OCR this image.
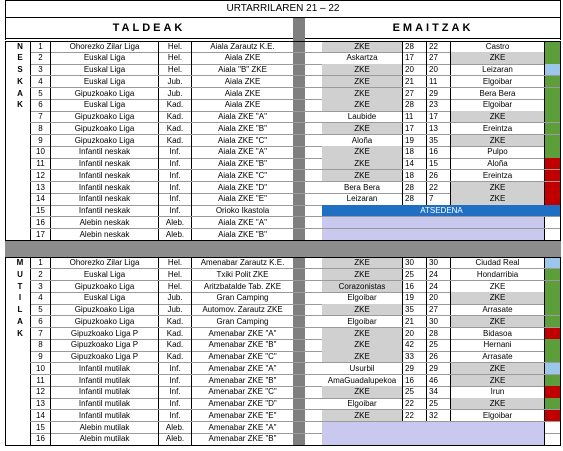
URTARRILAREN 21 – 22
TALDEAK	EMAITZAK
1	Ohorezko Zilar Liga	Hel.	Aiala Zarautz K.E.	ZKE	28	22	Castro
2	Euskal Liga	Hel.	Aiala ZKE	Askartza	17	27	ZKE
3	Euskal Liga	Hel.	Aiala "B" ZKE	ZKE	20	20	Leizaran
4	Euskal Liga	Jub.	Aiala ZKE	ZKE	21	11	Elgoibar
5	Gipuzkoako Liga	Jub.	Aiala ZKE	ZKE	27	29	Bera Bera
6	Euskal Liga	Kad.	Aiala ZKE	ZKE	28	23	Elgoibar
7	Gipuzkoako Liga	Kad.	Aiala ZKE "A"	Laubide	11	17	ZKE
8	Gipuzkoako Liga	Kad.	Aiala ZKE "B"	ZKE	17	13	Ereintza
9	Gipuzkoako Liga	Kad.	Aiala ZKE "C"	Aloña	19	35	ZKE
10	Infantil neskak	Inf.	Aiala ZKE "A"	ZKE	18	16	Pulpo
11	Infantil neskak	Inf.	Aiala ZKE "B"	ZKE	14	15	Aloña
12	Infantil neskak	Inf.	Aiala ZKE "C"	ZKE	18	26	Ereintza
13	Infantil neskak	Inf.	Aiala ZKE "D"	Bera Bera	28	22	ZKE
14	Infantil neskak	Inf.	Aiala ZKE "E"	Leizaran	28	7	ZKE
15	Infantil neskak	Inf.	Orioko Ikastola	ATSEDENA
16	Alebin neskak	Aleb.	Aiala ZKE "A"
17	Alebin neskak	Aleb.	Aiala ZKE "B"
N
E
S
K
A
K
1	Ohorezko Zilar Liga	Hel.	Amenabar Zarautz K.E.	ZKE	30	30	Ciudad Real
2	Euskal Liga	Hel.	Txiki Polit ZKE	ZKE	25	24	Hondarribia
3	Gipuzkoako Liga	Hel.	Aritzbatalde Tab. ZKE	Corazonistas	16	24	ZKE
4	Euskal Liga	Jub.	Gran Camping	Elgoibar	19	20	ZKE
5	Gipuzkoako Liga	Jub.	Automov. Zarautz ZKE	ZKE	35	27	Arrasate
6	Gipuzkoako Liga	Kad.	Gran Camping	Elgoibar	21	30	ZKE
7	Gipuzkoako Liga P	Kad.	Amenabar ZKE "A"	ZKE	20	28	Bidasoa
8	Gipuzkoako Liga P	Kad.	Amenabar ZKE "B"	ZKE	42	25	Hernani
9	Gipuzkoako Liga P	Kad.	Amenabar ZKE "C"	ZKE	33	26	Arrasate
10	Infantil mutilak	Inf.	Amenabar ZKE "A"	Usurbil	29	29	ZKE
11	Infantil mutilak	Inf.	Amenabar ZKE "B"	AmaGuadalupekoa	16	46	ZKE
12	Infantil mutilak	Inf.	Amenabar ZKE "C"	ZKE	25	34	Irun
13	Infantil mutilak	Inf.	Amenabar ZKE "D"	Elgoibar	22	25	ZKE
14	Infantil mutilak	Inf.	Amenabar ZKE "E"	ZKE	22	32	Elgoibar
15	Alebin mutilak	Aleb.	Amenabar ZKE "A"
16	Alebin mutilak	Aleb.	Amenabar ZKE "B"
M
U
T
I
L
A
K
